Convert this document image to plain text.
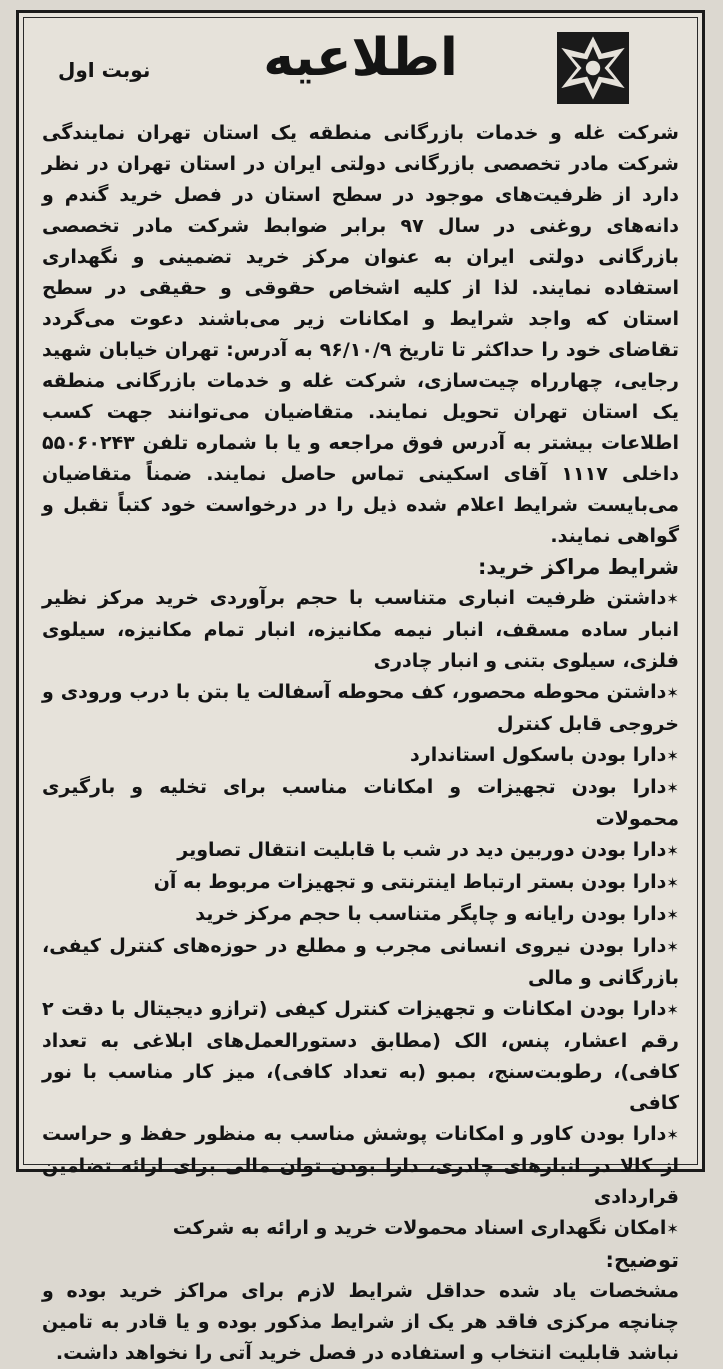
نوبت اول	اطلاعیه

شرکت غله و خدمات بازرگانی منطقه یک استان تهران نمایندگی شرکت مادر تخصصی بازرگانی دولتی ایران در استان تهران در نظر دارد از ظرفیت‌های موجود در سطح استان در فصل خرید گندم و دانه‌های روغنی در سال ۹۷ برابر ضوابط شرکت مادر تخصصی بازرگانی دولتی ایران به عنوان مرکز خرید تضمینی و نگهداری استفاده نمایند. لذا از کلیه اشخاص حقوقی و حقیقی در سطح استان که واجد شرایط و امکانات زیر می‌باشند دعوت می‌گردد تقاضای خود را حداکثر تا تاریخ ۹۶/۱۰/۹ به آدرس: تهران خیابان شهید رجایی، چهارراه چیت‌سازی، شرکت غله و خدمات بازرگانی منطقه یک استان تهران تحویل نمایند. متقاضیان می‌توانند جهت کسب اطلاعات بیشتر به آدرس فوق مراجعه و یا با شماره تلفن ۵۵۰۶۰۲۴۳ داخلی ۱۱۱۷ آقای اسکینی تماس حاصل نمایند. ضمناً متقاضیان می‌بایست شرایط اعلام شده ذیل را در درخواست خود کتباً تقبل و گواهی نمایند.

شرایط مراکز خرید:

✶ داشتن ظرفیت انباری متناسب با حجم برآوردی خرید مرکز نظیر انبار ساده مسقف، انبار نیمه مکانیزه، انبار تمام مکانیزه، سیلوی فلزی، سیلوی بتنی و انبار چادری
✶ داشتن محوطه محصور، کف محوطه آسفالت یا بتن با درب ورودی و خروجی قابل کنترل
✶ دارا بودن باسکول استاندارد
✶ دارا بودن تجهیزات و امکانات مناسب برای تخلیه و بارگیری محمولات
✶ دارا بودن دوربین دید در شب با قابلیت انتقال تصاویر
✶ دارا بودن بستر ارتباط اینترنتی و تجهیزات مربوط به آن
✶ دارا بودن رایانه و چاپگر متناسب با حجم مرکز خرید
✶ دارا بودن نیروی انسانی مجرب و مطلع در حوزه‌های کنترل کیفی، بازرگانی و مالی
✶ دارا بودن امکانات و تجهیزات کنترل کیفی (ترازو دیجیتال با دقت ۲ رقم اعشار، پنس، الک (مطابق دستورالعمل‌های ابلاغی به تعداد کافی)، رطوبت‌سنج، بمبو (به تعداد کافی)، میز کار مناسب با نور کافی
✶ دارا بودن کاور و امکانات پوشش مناسب به منظور حفظ و حراست از کالا در انبارهای چادری، دارا بودن توان مالی برای ارائه تضامین قراردادی
✶ امکان نگهداری اسناد محمولات خرید و ارائه به شرکت

توضیح:

مشخصات یاد شده حداقل شرایط لازم برای مراکز خرید بوده و چنانچه مرکزی فاقد هر یک از شرایط مذکور بوده و یا قادر به تامین نباشد قابلیت انتخاب و استفاده در فصل خرید آتی را نخواهد داشت.
